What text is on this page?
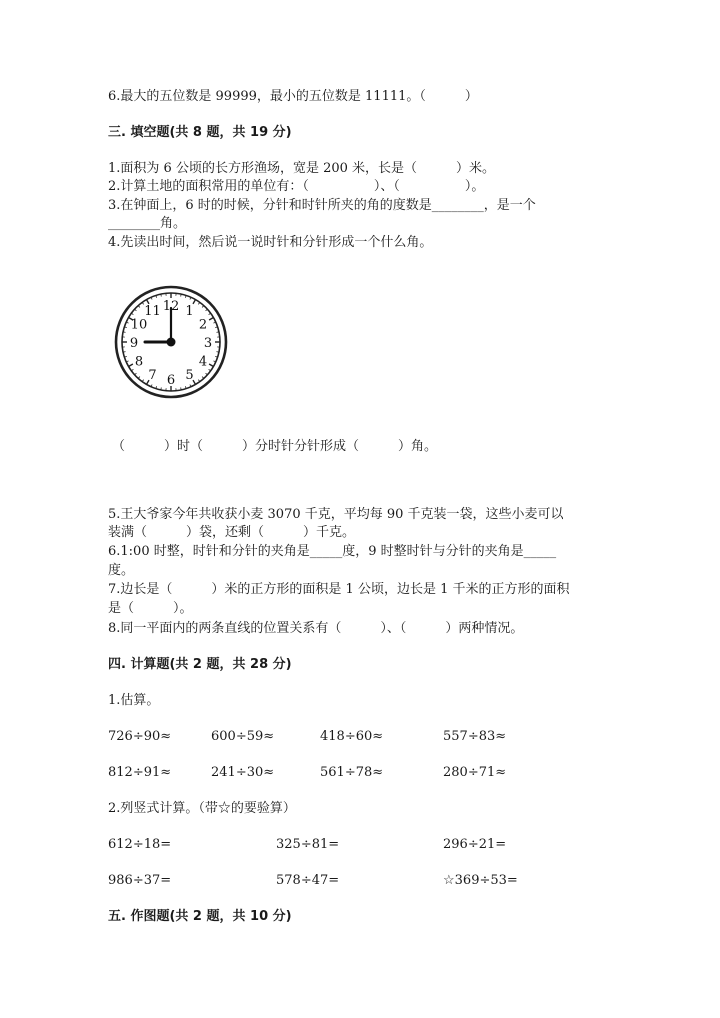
6.最大的五位数是 99999，最小的五位数是 11111。（　　　）
三. 填空题(共 8 题，共 19 分)
1.面积为 6 公顷的长方形渔场，宽是 200 米，长是（　　　）米。
2.计算土地的面积常用的单位有：（　　　　　）、（　　　　　）。
3.在钟面上，6 时的时候，分针和时针所夹的角的度数是________，是一个
________角。
4.先读出时间，然后说一说时针和分针形成一个什么角。
12 1
2
3
4
5
6
7
8
9
10
11
（　　　）时（　　　）分时针分针形成（　　　）角。
5.王大爷家今年共收获小麦 3070 千克，平均每 90 千克装一袋，这些小麦可以
装满（　　　）袋，还剩（　　　）千克。
6.1:00 时整，时针和分针的夹角是_____度，9 时整时针与分针的夹角是_____
度。
7.边长是（　　　）米的正方形的面积是 1 公顷，边长是 1 千米的正方形的面积
是（　　　）。
8.同一平面内的两条直线的位置关系有（　　　）、（　　　）两种情况。
四. 计算题(共 2 题，共 28 分)
1.估算。
726÷90≈	600÷59≈	418÷60≈	557÷83≈
812÷91≈	241÷30≈	561÷78≈	280÷71≈
2.列竖式计算。（带☆的要验算）
612÷18=	325÷81=	296÷21=
986÷37=	578÷47=	☆369÷53=
五. 作图题(共 2 题，共 10 分)
